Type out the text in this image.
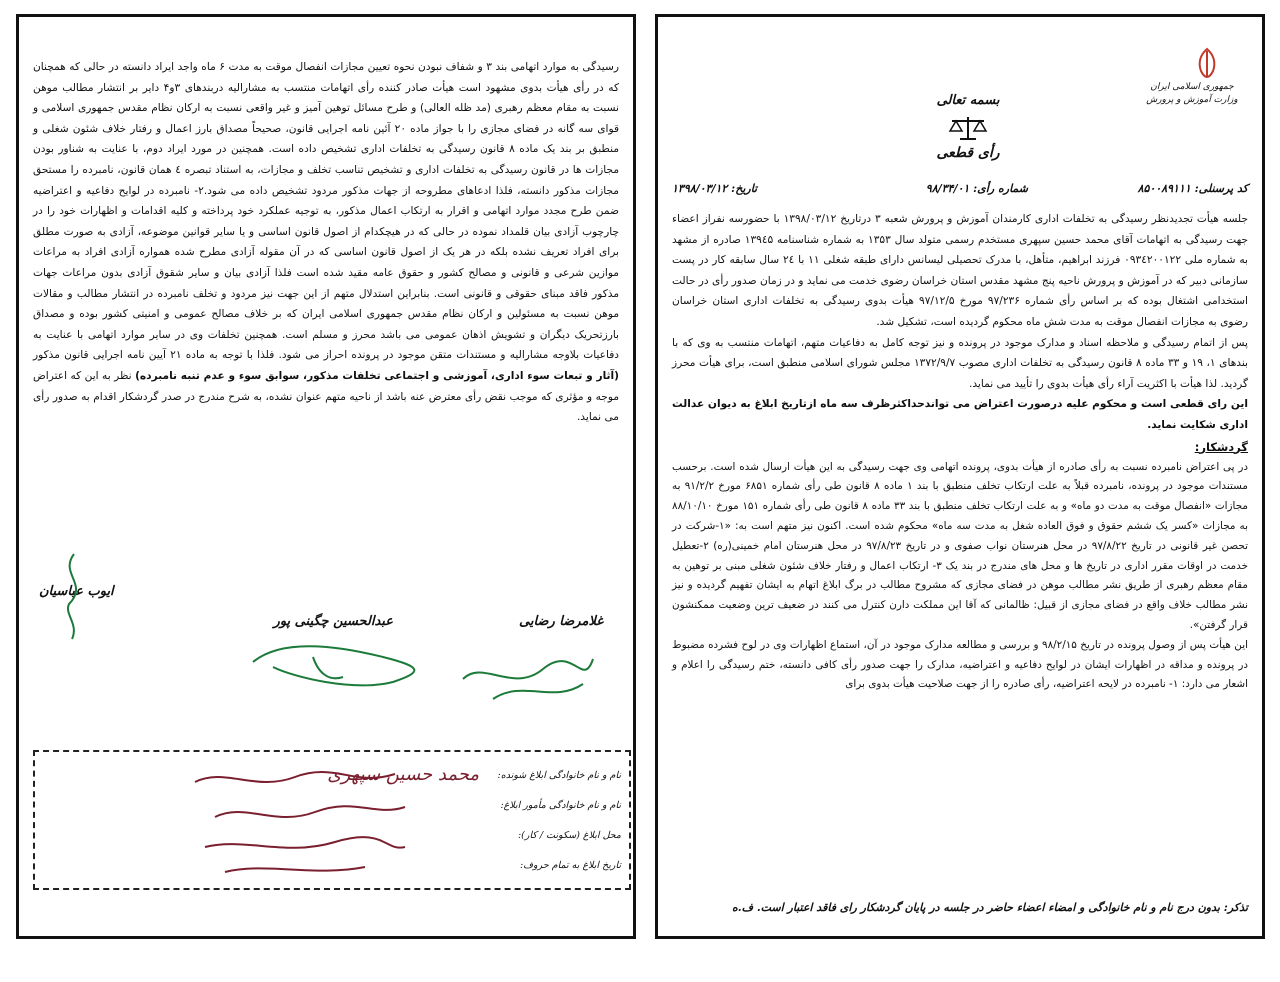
رسیدگی به موارد اتهامی بند ۳ و شفاف نبودن نحوه تعیین مجازات انفصال موقت به مدت ۶ ماه واجد ایراد دانسته در حالی که همچنان که در رأی هیأت بدوی مشهود است هیأت صادر کننده رأی اتهامات منتسب به مشارالیه دربندهای ۳و۴ دایر بر انتشار مطالب موهن نسبت به مقام معظم رهبری (مد ظله العالی) و طرح مسائل توهین آمیز و غیر واقعی نسبت به ارکان نظام مقدس جمهوری اسلامی و قوای سه گانه در فضای مجازی را با جواز ماده ۲۰ آئین نامه اجرایی قانون، صحیحاً مصداق بارز اعمال و رفتار خلاف شئون شغلی و منطبق بر بند یک ماده ۸ قانون رسیدگی به تخلفات اداری تشخیص داده است. همچنین در مورد ایراد دوم، با عنایت به شناور بودن مجازات ها در قانون رسیدگی به تخلفات اداری و تشخیص تناسب تخلف و مجازات، به استناد تبصره ٤ همان قانون، نامبرده را مستحق مجازات مذکور دانسته، فلذا ادعاهای مطروحه از جهات مذکور مردود تشخیص داده می شود.۲- نامبرده در لوایح دفاعیه و اعتراضیه ضمن طرح مجدد موارد اتهامی و اقرار به ارتکاب اعمال مذکور، به توجیه عملکرد خود پرداخته و کلیه اقدامات و اظهارات خود را در چارچوب آزادی بیان قلمداد نموده در حالی که در هیچکدام از اصول قانون اساسی و یا سایر قوانین موضوعه، آزادی به صورت مطلق برای افراد تعریف نشده بلکه در هر یک از اصول قانون اساسی که در آن مقوله آزادی مطرح شده همواره آزادی افراد به مراعات موازین شرعی و قانونی و مصالح کشور و حقوق عامه مقید شده است فلذا آزادی بیان و سایر شقوق آزادی بدون مراعات جهات مذکور فاقد مبنای حقوقی و قانونی است. بنابراین استدلال متهم از این جهت نیز مردود و تخلف نامبرده در انتشار مطالب و مقالات موهن نسبت به مسئولین و ارکان نظام مقدس جمهوری اسلامی ایران که بر خلاف مصالح عمومی و امنیتی کشور بوده و مصداق بارزتحریک دیگران و تشویش اذهان عمومی می باشد محرز و مسلم است. همچنین تخلفات وی در سایر موارد اتهامی با عنایت به دفاعیات بلاوجه مشارالیه و مستندات متقن موجود در پرونده احراز می شود. فلذا با توجه به ماده ۲۱ آیین نامه اجرایی قانون مذکور (آثار و تبعات سوء اداری، آموزشی و اجتماعی تخلفات مذکور، سوابق سوء و عدم تنبه نامبرده) نظر به این که اعتراض موجه و مؤثری که موجب نقض رأی معترض عنه باشد از ناحیه متهم عنوان نشده، به شرح مندرج در صدر گردشکار اقدام به صدور رأی می نماید.

غلامرضا رضایی
عبدالحسین چگینی پور
ایوب عباسیان
نام و نام خانوادگی ابلاغ شونده:
نام و نام خانوادگی مأمور ابلاغ:
محل ابلاغ (سکونت / کار):
تاریخ ابلاغ به تمام حروف:
محمد حسین سپهری
جمهوری اسلامی ایران
وزارت آموزش و پرورش
بسمه تعالی
رأی قطعی
کد پرسنلی: ۸۵۰۰۸۹۱۱۱
شماره رأی: ۹۸/۳۴/۰۱
تاریخ: ۱۳۹۸/۰۳/۱۲

جلسه هیأت تجدیدنظر رسیدگی به تخلفات اداری کارمندان آموزش و پرورش شعبه ۳ درتاریخ ۱۳۹۸/۰۳/۱۲ با حضورسه نفراز اعضاء جهت رسیدگی به اتهامات آقای محمد حسین سپهری مستخدم رسمی متولد سال ۱۳۵۳ به شماره شناسنامه ۱۳۹٤۵ صادره از مشهد به شماره ملی ۰۹۳٤۲۰۰۱۲۲ فرزند ابراهیم، متأهل، با مدرک تحصیلی لیسانس دارای طبقه شغلی ۱۱ با ۲٤ سال سابقه کار در پست سازمانی دبیر که در آموزش و پرورش ناحیه پنج مشهد مقدس استان خراسان رضوی خدمت می نماید و در زمان صدور رأی در حالت استخدامی اشتغال بوده که بر اساس رأی شماره ۹۷/۲۳۶ مورخ ۹۷/۱۲/۵ هیأت بدوی رسیدگی به تخلفات اداری استان خراسان رضوی به مجازات انفصال موقت به مدت شش ماه محکوم گردیده است، تشکیل شد.

پس از اتمام رسیدگی و ملاحظه اسناد و مدارک موجود در پرونده و نیز توجه کامل به دفاعیات متهم، اتهامات منتسب به وی که با بندهای ۱، ۱۹ و ۳۳ ماده ۸ قانون رسیدگی به تخلفات اداری مصوب ۱۳۷۲/۹/۷ مجلس شورای اسلامی منطبق است، برای هیأت محرز گردید. لذا هیأت با اکثریت آراء رأی هیأت بدوی را تأیید می نماید.

این رای قطعی است و محکوم علیه درصورت اعتراض می تواندحداکثرظرف سه ماه ازتاریخ ابلاغ به دیوان عدالت اداری شکایت نماید.

گردشکار:

در پی اعتراض نامبرده نسبت به رأی صادره از هیأت بدوی، پرونده اتهامی وی جهت رسیدگی به این هیأت ارسال شده است. برحسب مستندات موجود در پرونده، نامبرده قبلاً به علت ارتکاب تخلف منطبق با بند ۱ ماده ۸ قانون طی رأی شماره ۶۸۵۱ مورخ ۹۱/۲/۲ به مجازات «انفصال موقت به مدت دو ماه» و به علت ارتکاب تخلف منطبق با بند ۳۳ ماده ۸ قانون طی رأی شماره ۱۵۱ مورخ ۸۸/۱۰/۱۰ به مجازات «کسر یک ششم حقوق و فوق العاده شغل به مدت سه ماه» محکوم شده است. اکنون نیز متهم است به: «۱-شرکت در تحصن غیر قانونی در تاریخ ۹۷/۸/۲۲ در محل هنرستان نواب صفوی و در تاریخ ۹۷/۸/۲۳ در محل هنرستان امام خمینی(ره) ۲-تعطیل خدمت در اوقات مقرر اداری در تاریخ ها و محل های مندرج در بند یک ۳- ارتکاب اعمال و رفتار خلاف شئون شغلی مبنی بر توهین به مقام معظم رهبری از طریق نشر مطالب موهن در فضای مجازی که مشروح مطالب در برگ ابلاغ اتهام به ایشان تفهیم گردیده و نیز نشر مطالب خلاف واقع در فضای مجازی از قبیل: ظالمانی که آقا این مملکت دارن کنترل می کنند در ضعیف ترین وضعیت ممکنشون قرار گرفتن».

این هیأت پس از وصول پرونده در تاریخ ۹۸/۲/۱۵ و بررسی و مطالعه مدارک موجود در آن، استماع اظهارات وی در لوح فشرده مضبوط در پرونده و مداقه در اظهارات ایشان در لوایح دفاعیه و اعتراضیه، مدارک را جهت صدور رأی کافی دانسته، ختم رسیدگی را اعلام و اشعار می دارد: ۱- نامبرده در لایحه اعتراضیه، رأی صادره را از جهت صلاحیت هیأت بدوی برای

تذکر: بدون درج نام و نام خانوادگی و امضاء اعضاء حاضر در جلسه در پایان گردشکار رای فاقد اعتبار است. ف.ه
